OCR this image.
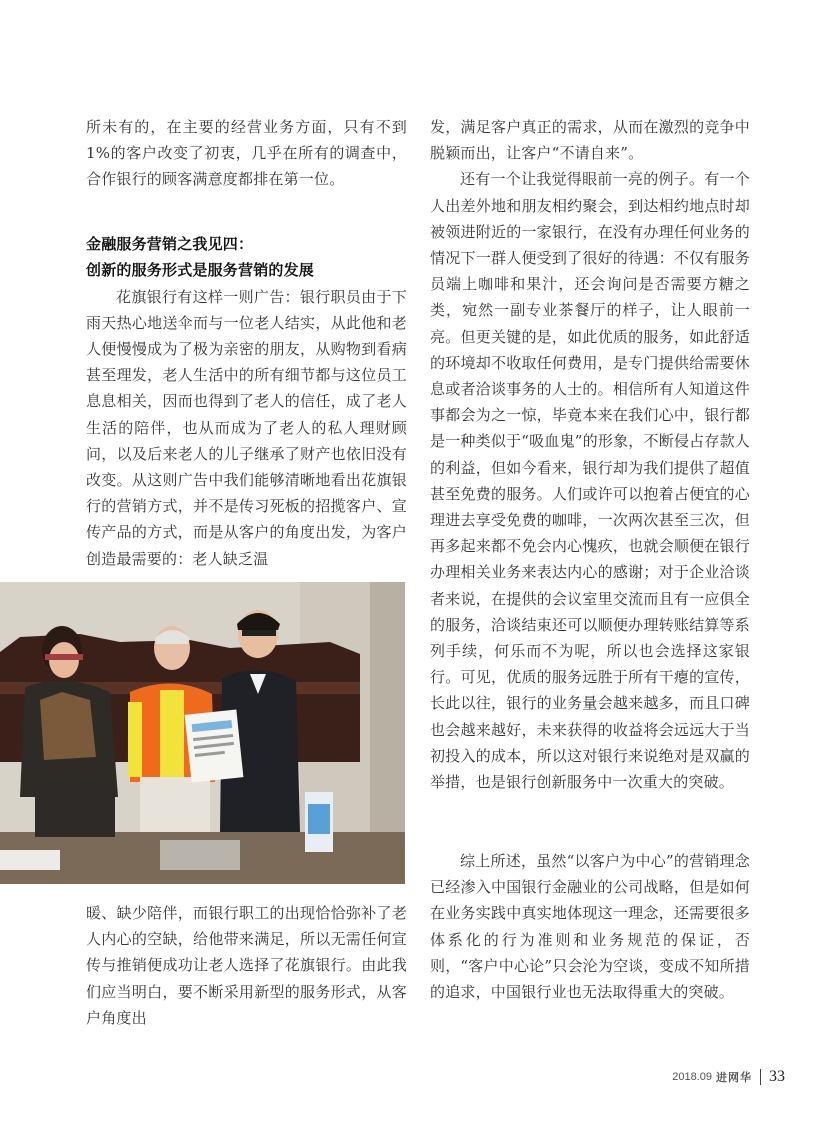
所未有的，在主要的经营业务方面，只有不到1%的客户改变了初衷，几乎在所有的调查中，合作银行的顾客满意度都排在第一位。

金融服务营销之我见四：

创新的服务形式是服务营销的发展

花旗银行有这样一则广告：银行职员由于下雨天热心地送伞而与一位老人结实，从此他和老人便慢慢成为了极为亲密的朋友，从购物到看病甚至理发，老人生活中的所有细节都与这位员工息息相关，因而也得到了老人的信任，成了老人生活的陪伴，也从而成为了老人的私人理财顾问，以及后来老人的儿子继承了财产也依旧没有改变。从这则广告中我们能够清晰地看出花旗银行的营销方式，并不是传习死板的招揽客户、宣传产品的方式，而是从客户的角度出发，为客户创造最需要的：老人缺乏温

暖、缺少陪伴，而银行职工的出现恰恰弥补了老人内心的空缺，给他带来满足，所以无需任何宣传与推销便成功让老人选择了花旗银行。由此我们应当明白，要不断采用新型的服务形式，从客户角度出

发，满足客户真正的需求，从而在激烈的竞争中脱颖而出，让客户“不请自来”。

还有一个让我觉得眼前一亮的例子。有一个人出差外地和朋友相约聚会，到达相约地点时却被领进附近的一家银行，在没有办理任何业务的情况下一群人便受到了很好的待遇：不仅有服务员端上咖啡和果汁，还会询问是否需要方糖之类，宛然一副专业茶餐厅的样子，让人眼前一亮。但更关键的是，如此优质的服务，如此舒适的环境却不收取任何费用，是专门提供给需要休息或者洽谈事务的人士的。相信所有人知道这件事都会为之一惊，毕竟本来在我们心中，银行都是一种类似于“吸血鬼”的形象，不断侵占存款人的利益，但如今看来，银行却为我们提供了超值甚至免费的服务。人们或许可以抱着占便宜的心理进去享受免费的咖啡，一次两次甚至三次，但再多起来都不免会内心愧疚，也就会顺便在银行办理相关业务来表达内心的感谢；对于企业洽谈者来说，在提供的会议室里交流而且有一应俱全的服务，洽谈结束还可以顺便办理转账结算等系列手续，何乐而不为呢，所以也会选择这家银行。可见，优质的服务远胜于所有干瘪的宣传，长此以往，银行的业务量会越来越多，而且口碑也会越来越好，未来获得的收益将会远远大于当初投入的成本，所以这对银行来说绝对是双赢的举措，也是银行创新服务中一次重大的突破。

综上所述，虽然“以客户为中心”的营销理念已经渗入中国银行金融业的公司战略，但是如何在业务实践中真实地体现这一理念，还需要很多体系化的行为准则和业务规范的保证，否则，“客户中心论”只会沦为空谈，变成不知所措的追求，中国银行业也无法取得重大的突破。

2018.09 进网华 33
